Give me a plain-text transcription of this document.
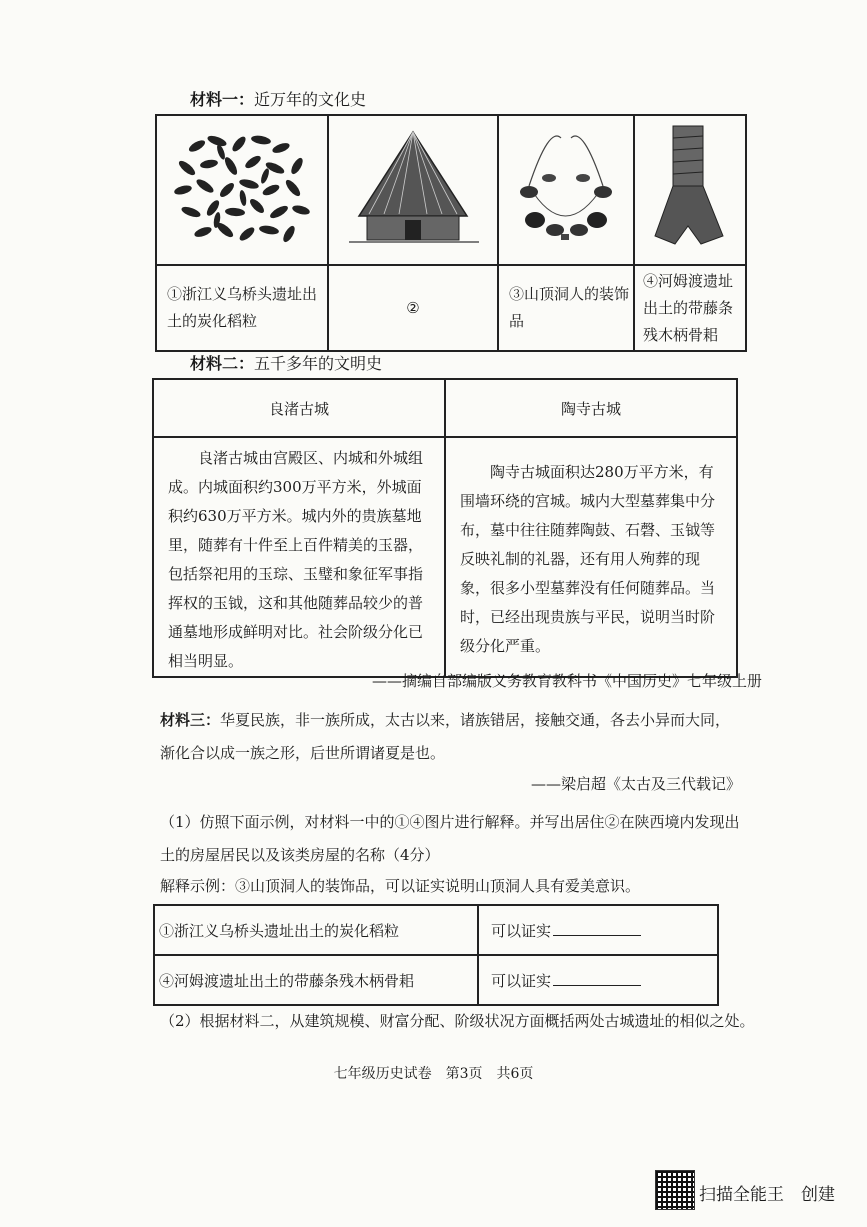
材料一：近万年的文化史

①浙江义乌桥头遗址出土的炭化稻粒	②	③山顶洞人的装饰品	④河姆渡遗址出土的带藤条残木柄骨耜
材料二：五千多年的文明史
良渚古城	陶寺古城
良渚古城由宫殿区、内城和外城组成。内城面积约300万平方米，外城面积约630万平方米。城内外的贵族墓地里，随葬有十件至上百件精美的玉器，包括祭祀用的玉琮、玉璧和象征军事指挥权的玉钺，这和其他随葬品较少的普通墓地形成鲜明对比。社会阶级分化已相当明显。	陶寺古城面积达280万平方米，有围墙环绕的宫城。城内大型墓葬集中分布，墓中往往随葬陶鼓、石磬、玉钺等反映礼制的礼器，还有用人殉葬的现象，很多小型墓葬没有任何随葬品。当时，已经出现贵族与平民，说明当时阶级分化严重。
——摘编自部编版义务教育教科书《中国历史》七年级上册
材料三：华夏民族，非一族所成，太古以来，诸族错居，接触交通，各去小异而大同，渐化合以成一族之形，后世所谓诸夏是也。
——梁启超《太古及三代载记》
（1）仿照下面示例，对材料一中的①④图片进行解释。并写出居住②在陕西境内发现出土的房屋居民以及该类房屋的名称（4分）
解释示例：③山顶洞人的装饰品，可以证实说明山顶洞人具有爱美意识。
①浙江义乌桥头遗址出土的炭化稻粒	可以证实
④河姆渡遗址出土的带藤条残木柄骨耜	可以证实
（2）根据材料二，从建筑规模、财富分配、阶级状况方面概括两处古城遗址的相似之处。
七年级历史试卷　第3页　共6页
扫描全能王　创建
